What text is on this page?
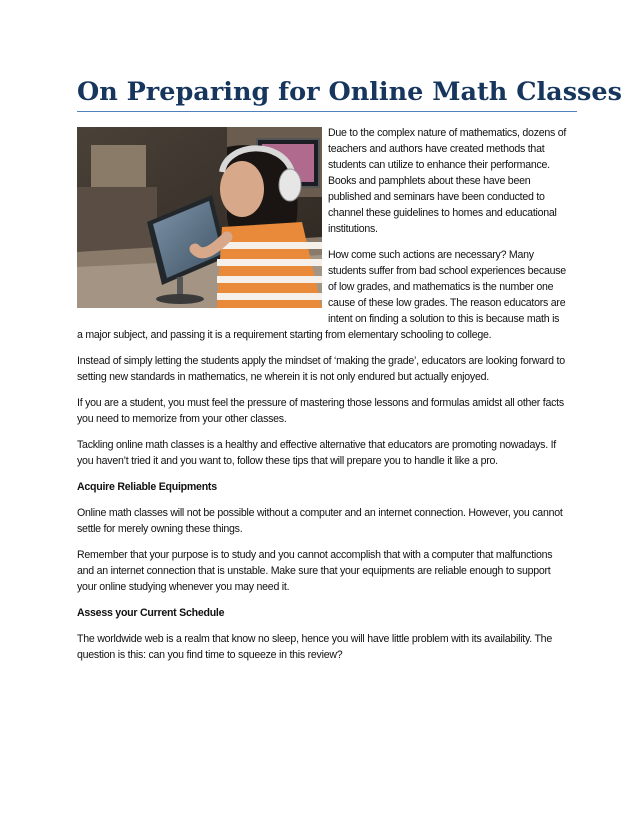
On Preparing for Online Math Classes

Due to the complex nature of mathematics, dozens of teachers and authors have created methods that students can utilize to enhance their performance. Books and pamphlets about these have been published and seminars have been conducted to channel these guidelines to homes and educational institutions.

How come such actions are necessary? Many students suffer from bad school experiences because of low grades, and mathematics is the number one cause of these low grades. The reason educators are intent on finding a solution to this is because math is a major subject, and passing it is a requirement starting from elementary schooling to college.

Instead of simply letting the students apply the mindset of ‘making the grade’, educators are looking forward to setting new standards in mathematics, ne wherein it is not only endured but actually enjoyed.

If you are a student, you must feel the pressure of mastering those lessons and formulas amidst all other facts you need to memorize from your other classes.

Tackling online math classes is a healthy and effective alternative that educators are promoting nowadays. If you haven’t tried it and you want to, follow these tips that will prepare you to handle it like a pro.

Acquire Reliable Equipments

Online math classes will not be possible without a computer and an internet connection. However, you cannot settle for merely owning these things.

Remember that your purpose is to study and you cannot accomplish that with a computer that malfunctions and an internet connection that is unstable. Make sure that your equipments are reliable enough to support your online studying whenever you may need it.

Assess your Current Schedule

The worldwide web is a realm that know no sleep, hence you will have little problem with its availability. The question is this: can you find time to squeeze in this review?
